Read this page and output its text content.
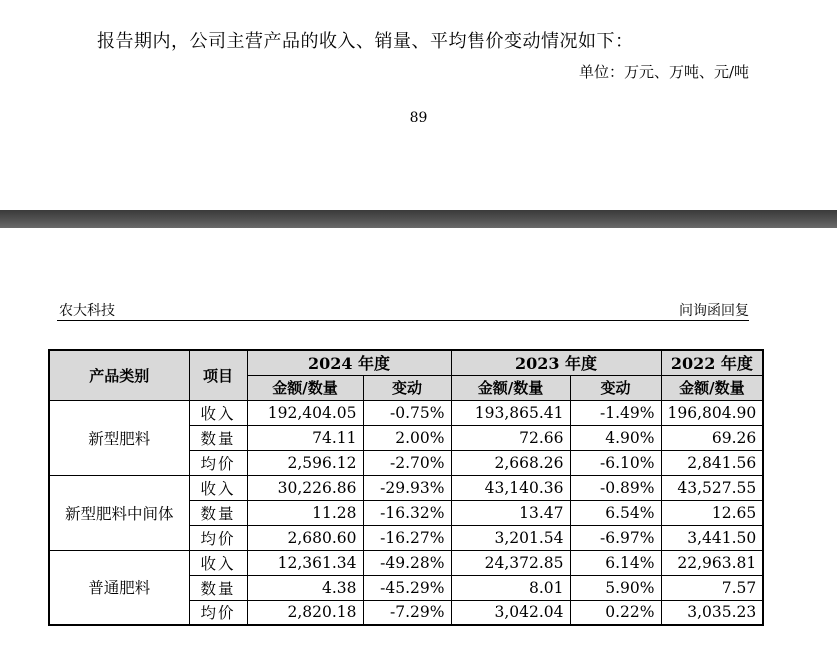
报告期内，公司主营产品的收入、销量、平均售价变动情况如下：
单位：万元、万吨、元/吨
89
农大科技	问询函回复
产品类别	项目	2024 年度		2023 年度		2022 年度
		金额/数量	变动	金额/数量	变动	金额/数量
新型肥料	收入	192,404.05	-0.75%	193,865.41	-1.49%	196,804.90
	数量	74.11	2.00%	72.66	4.90%	69.26
	均价	2,596.12	-2.70%	2,668.26	-6.10%	2,841.56
新型肥料中间体	收入	30,226.86	-29.93%	43,140.36	-0.89%	43,527.55
	数量	11.28	-16.32%	13.47	6.54%	12.65
	均价	2,680.60	-16.27%	3,201.54	-6.97%	3,441.50
普通肥料	收入	12,361.34	-49.28%	24,372.85	6.14%	22,963.81
	数量	4.38	-45.29%	8.01	5.90%	7.57
	均价	2,820.18	-7.29%	3,042.04	0.22%	3,035.23
